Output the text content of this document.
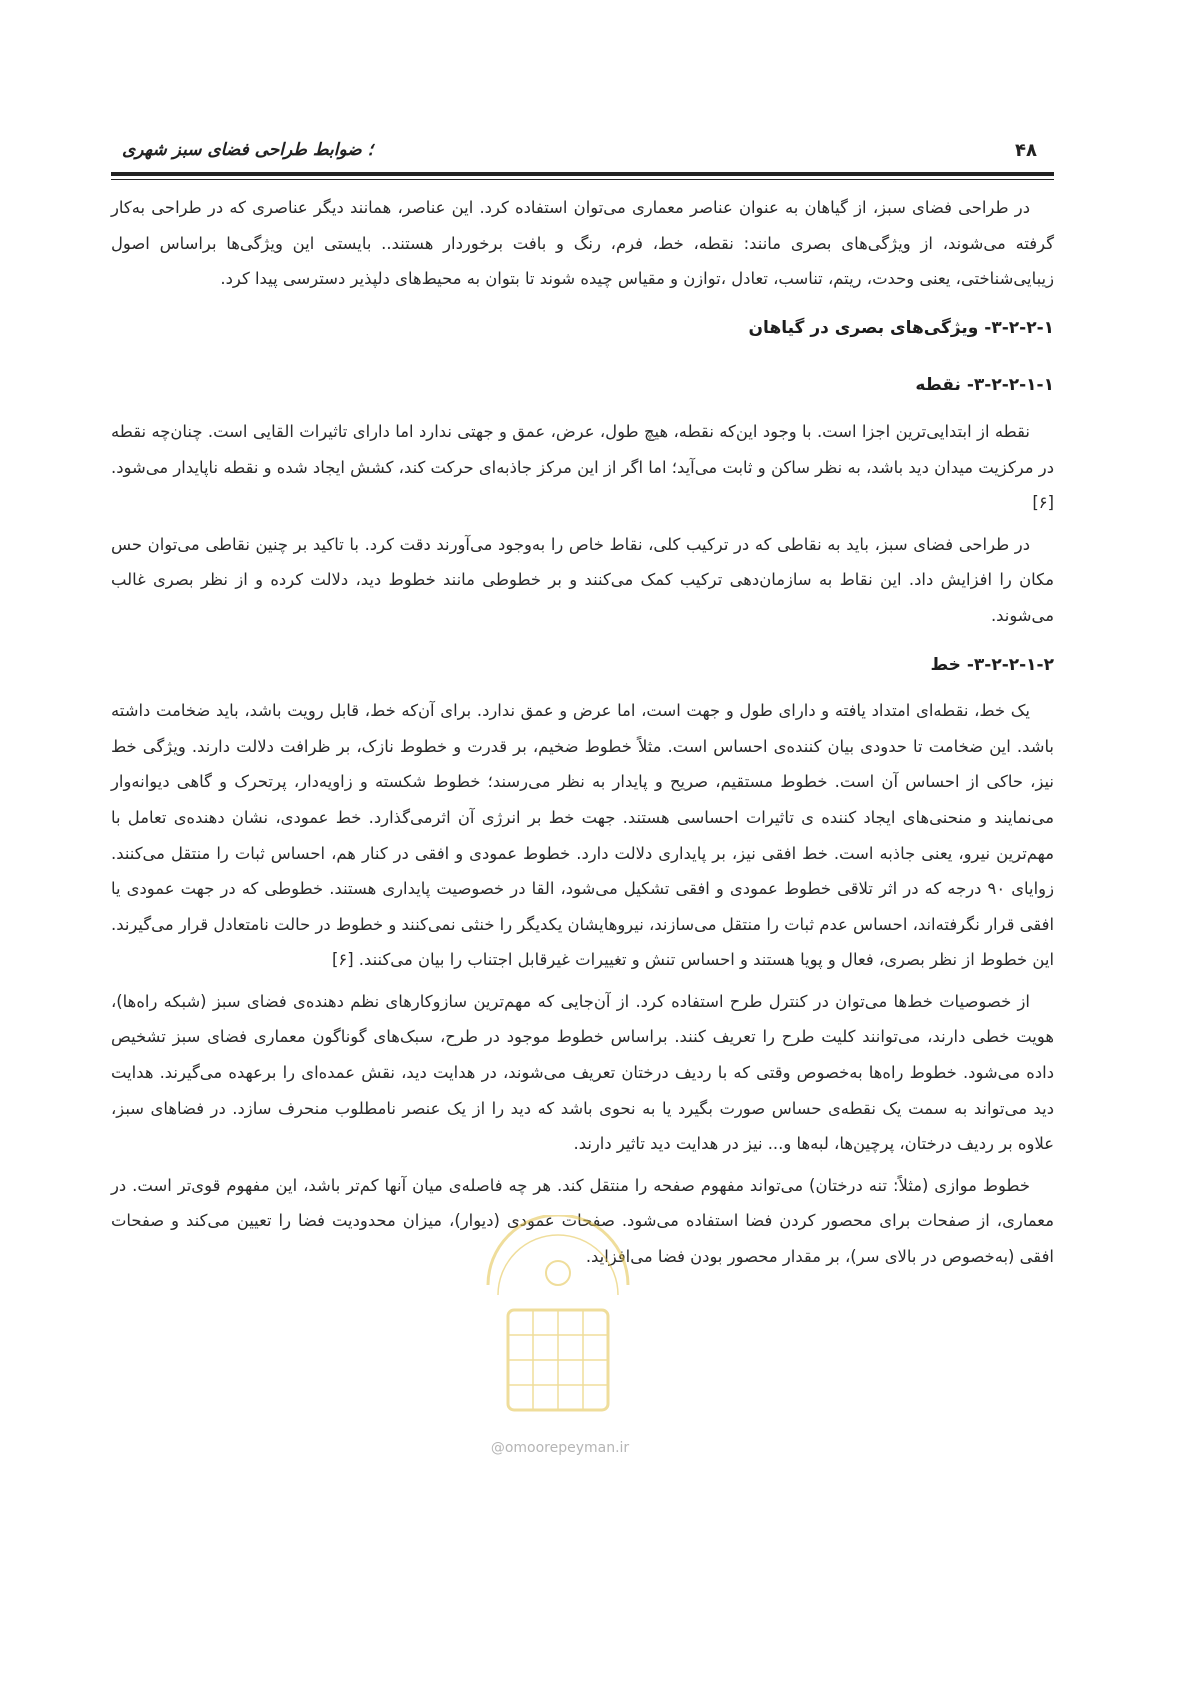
۴۸
؛ ضوابط طراحی فضای سبز شهری

در طراحی فضای سبز، از گیاهان به عنوان عناصر معماری می‌توان استفاده کرد. این عناصر، همانند دیگر عناصری که در طراحی به‌کار گرفته می‌شوند، از ویژگی‌های بصری مانند: نقطه، خط، فرم، رنگ و بافت برخوردار هستند.. بایستی این ویژگی‌ها براساس اصول زیبایی‌شناختی، یعنی وحدت، ریتم، تناسب، تعادل ،توازن و مقیاس چیده شوند تا بتوان به محیط‌های دلپذیر دسترسی پیدا کرد.

۳-۲-۲-۱- ویژگی‌های بصری در گیاهان
۳-۲-۲-۱-۱- نقطه

نقطه از ابتدایی‌ترین اجزا است. با وجود این‌که نقطه، هیچ طول، عرض، عمق و جهتی ندارد اما دارای تاثیرات القایی است. چنان‌چه نقطه در مرکزیت میدان دید باشد، به نظر ساکن و ثابت می‌آید؛ اما اگر از این مرکز جاذبه‌ای حرکت کند، کشش ایجاد شده و نقطه ناپایدار می‌شود. [۶]

در طراحی فضای سبز، باید به نقاطی که در ترکیب کلی، نقاط خاص را به‌وجود می‌آورند دقت کرد. با تاکید بر چنین نقاطی می‌توان حس مکان را افزایش داد. این نقاط به سازمان‌دهی ترکیب کمک می‌کنند و بر خطوطی مانند خطوط دید، دلالت کرده و از نظر بصری غالب می‌شوند.

۳-۲-۲-۱-۲- خط

یک خط، نقطه‌ای امتداد یافته و دارای طول و جهت است، اما عرض و عمق ندارد. برای آن‌که خط، قابل رویت باشد، باید ضخامت داشته باشد. این ضخامت تا حدودی بیان کننده‌ی احساس است. مثلاً خطوط ضخیم، بر قدرت و خطوط نازک، بر ظرافت دلالت دارند. ویژگی خط نیز، حاکی از احساس آن است. خطوط مستقیم، صریح و پایدار به نظر می‌رسند؛ خطوط شکسته و زاویه‌دار، پرتحرک و گاهی دیوانه‌وار می‌نمایند و منحنی‌های ایجاد کننده ی تاثیرات احساسی هستند. جهت خط بر انرژی آن اثرمی‌گذارد. خط عمودی، نشان دهنده‌ی تعامل با مهم‌ترین نیرو، یعنی جاذبه است. خط افقی نیز، بر پایداری دلالت دارد. خطوط عمودی و افقی در کنار هم، احساس ثبات را منتقل می‌کنند. زوایای ۹۰ درجه که در اثر تلاقی خطوط عمودی و افقی تشکیل می‌شود، القا در خصوصیت پایداری هستند. خطوطی که در جهت عمودی یا افقی قرار نگرفته‌اند، احساس عدم ثبات را منتقل می‌سازند، نیروهایشان یکدیگر را خنثی نمی‌کنند و خطوط در حالت نامتعادل قرار می‌گیرند. این خطوط از نظر بصری، فعال و پویا هستند و احساس تنش و تغییرات غیرقابل اجتناب را بیان می‌کنند. [۶]

از خصوصیات خط‌ها می‌توان در کنترل طرح استفاده کرد. از آن‌جایی که مهم‌ترین سازوکارهای نظم دهنده‌ی فضای سبز (شبکه راه‌ها)، هویت خطی دارند، می‌توانند کلیت طرح را تعریف کنند. براساس خطوط موجود در طرح، سبک‌های گوناگون معماری فضای سبز تشخیص داده می‌شود. خطوط راه‌ها به‌خصوص وقتی که با ردیف درختان تعریف می‌شوند، در هدایت دید، نقش عمده‌ای را برعهده می‌گیرند. هدایت دید می‌تواند به سمت یک نقطه‌ی حساس صورت بگیرد یا به نحوی باشد که دید را از یک عنصر نامطلوب منحرف سازد. در فضاهای سبز، علاوه بر ردیف درختان، پرچین‌ها، لبه‌ها و... نیز در هدایت دید تاثیر دارند.

خطوط موازی (مثلاً: تنه درختان) می‌تواند مفهوم صفحه را منتقل کند. هر چه فاصله‌ی میان آنها کم‌تر باشد، این مفهوم قوی‌تر است. در معماری، از صفحات برای محصور کردن فضا استفاده می‌شود. صفحات عمودی (دیوار)، میزان محدودیت فضا را تعیین می‌کند و صفحات افقی (به‌خصوص در بالای سر)، بر مقدار محصور بودن فضا می‌افزاید.

@omoorepeyman.ir
